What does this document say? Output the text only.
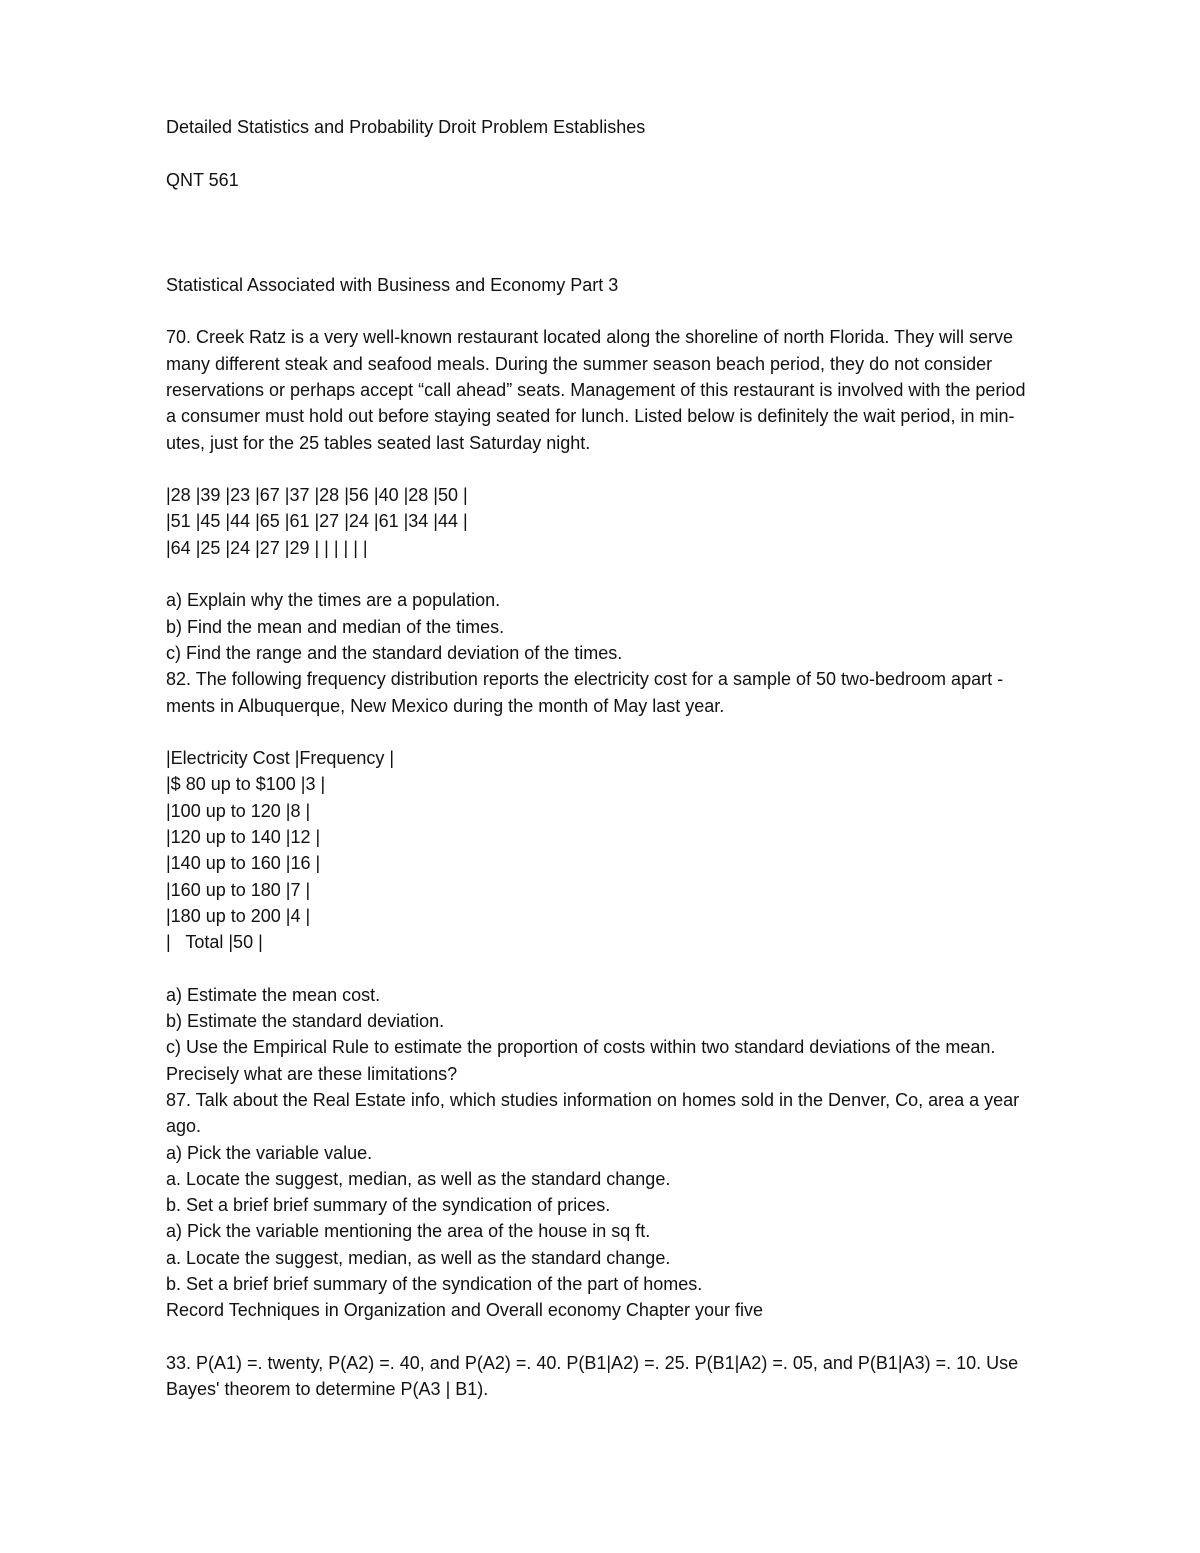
Detailed Statistics and Probability Droit Problem Establishes
QNT 561
Statistical Associated with Business and Economy Part 3
70. Creek Ratz is a very well-known restaurant located along the shoreline of north Florida. They will serve
many different steak and seafood meals. During the summer season beach period, they do not consider
reservations or perhaps accept “call ahead” seats. Management of this restaurant is involved with the period
a consumer must hold out before staying seated for lunch. Listed below is definitely the wait period, in min-
utes, just for the 25 tables seated last Saturday night.
|28 |39 |23 |67 |37 |28 |56 |40 |28 |50 |
|51 |45 |44 |65 |61 |27 |24 |61 |34 |44 |
|64 |25 |24 |27 |29 | | | | | |
a) Explain why the times are a population.
b) Find the mean and median of the times.
c) Find the range and the standard deviation of the times.
82. The following frequency distribution reports the electricity cost for a sample of 50 two-bedroom apart -
ments in Albuquerque, New Mexico during the month of May last year.
|Electricity Cost |Frequency |
|$ 80 up to $100 |3 |
|100 up to 120 |8 |
|120 up to 140 |12 |
|140 up to 160 |16 |
|160 up to 180 |7 |
|180 up to 200 |4 |
|   Total |50 |
a) Estimate the mean cost.
b) Estimate the standard deviation.
c) Use the Empirical Rule to estimate the proportion of costs within two standard deviations of the mean.
Precisely what are these limitations?
87. Talk about the Real Estate info, which studies information on homes sold in the Denver, Co, area a year
ago.
a) Pick the variable value.
a. Locate the suggest, median, as well as the standard change.
b. Set a brief brief summary of the syndication of prices.
a) Pick the variable mentioning the area of the house in sq ft.
a. Locate the suggest, median, as well as the standard change.
b. Set a brief brief summary of the syndication of the part of homes.
Record Techniques in Organization and Overall economy Chapter your five
33. P(A1) =. twenty, P(A2) =. 40, and P(A2) =. 40. P(B1|A2) =. 25. P(B1|A2) =. 05, and P(B1|A3) =. 10. Use
Bayes' theorem to determine P(A3 | B1).
